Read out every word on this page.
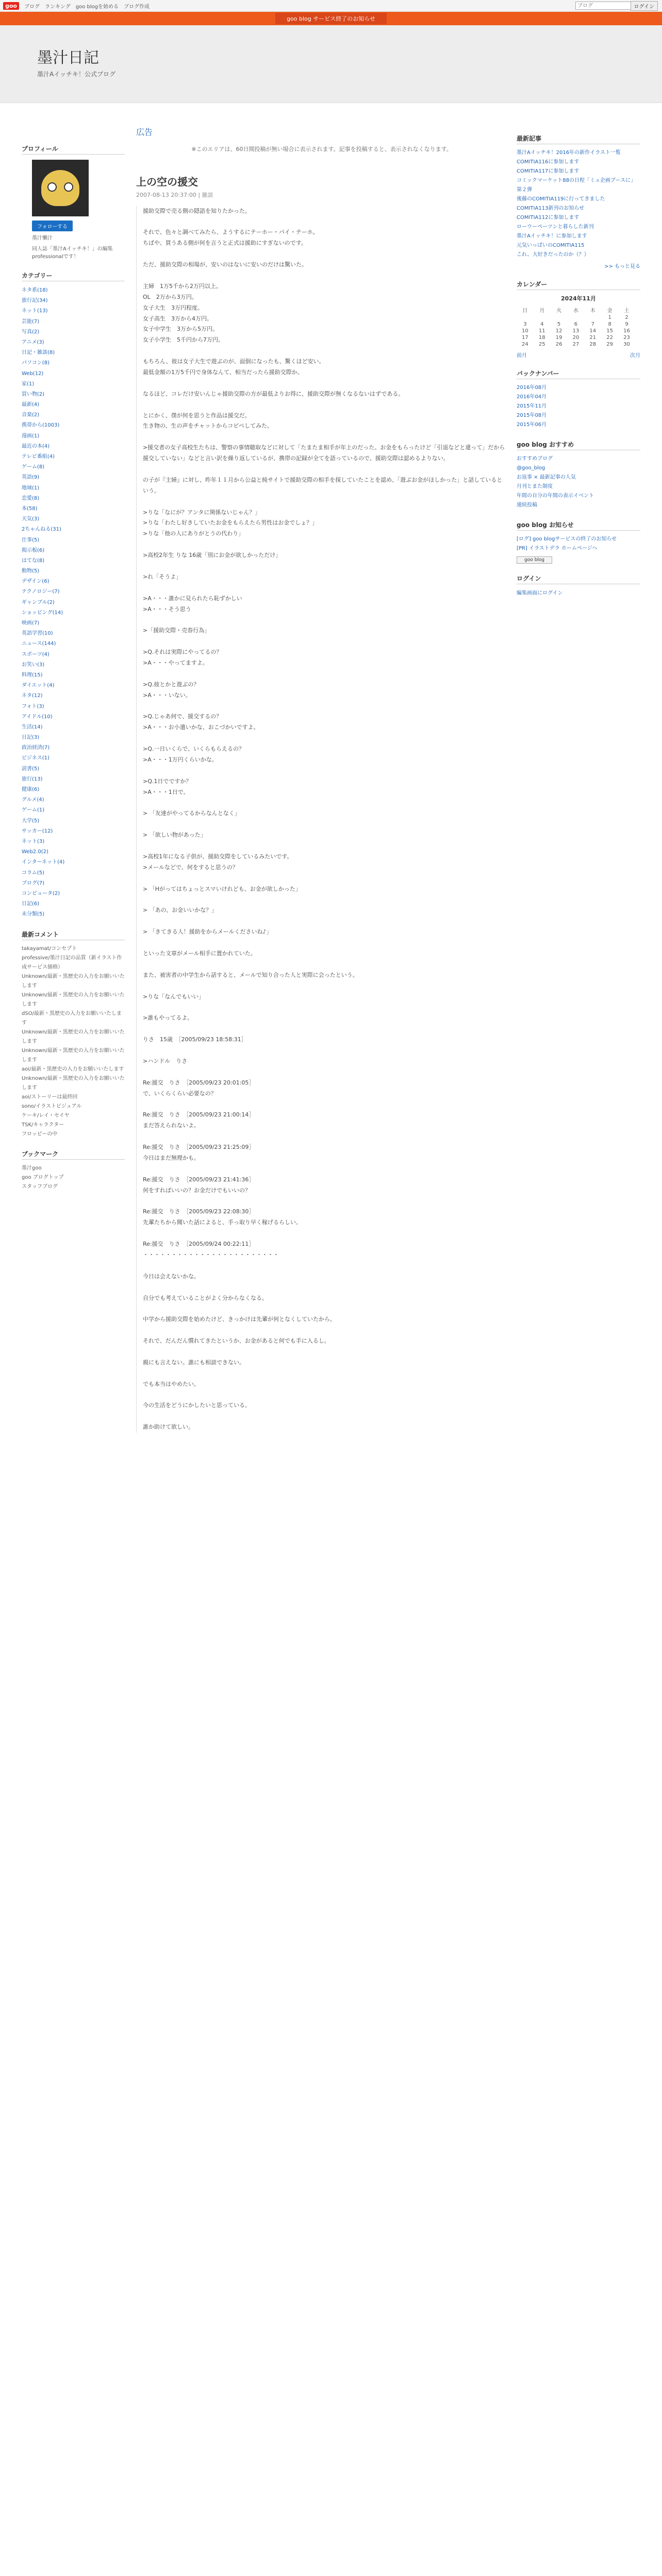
goo	ブログ ランキング goo blogを始める ブログ作成
ブログ	ログイン
goo blog サービス終了のお知らせ
墨汁日記
墨汁Aイッチキ！公式ブログ
プロフィール
フォローする
墨汁懶汁
同人誌「墨汁Aイッチキ！」の編集professionalです！
カテゴリー
ネタ系(18)
旅行記(34)
ネット(13)
芸能(7)
写真(2)
アニメ(3)
日記・雑談(8)
パソコン(8)
Web(12)
家(1)
買い物(2)
最新(4)
音楽(2)
携帯から(1003)
漫画(1)
最近の本(4)
テレビ番組(4)
ゲーム(8)
英語(9)
地域(1)
恋愛(8)
本(58)
天気(3)
2ちゃんねる(31)
仕事(5)
掲示板(6)
はてな(8)
動物(5)
デザイン(6)
テクノロジー(7)
ギャンブル(2)
ショッピング(14)
映画(7)
英語学習(10)
ニュース(144)
スポーツ(4)
お笑い(3)
料理(15)
ダイエット(4)
ネタ(12)
フォト(3)
アイドル(10)
生活(14)
日記(3)
政治経済(7)
ビジネス(1)
読書(5)
旅行(13)
健康(6)
グルメ(4)
ゲーム(1)
大学(5)
サッカー(12)
ネット(3)
Web2.0(2)
インターネット(4)
コラム(5)
ブログ(7)
コンピュータ(2)
日記(6)
未分類(5)
最新コメント
takayamat/コンセプト
professive/墨汁日記の品質（新イラスト作成サービス価格）
Unknown/最新・黒歴史の入力をお願いいたします
Unknown/最新・黒歴史の入力をお願いいたします
dSO/最新・黒歴史の入力をお願いいたします
Unknown/最新・黒歴史の入力をお願いいたします
Unknown/最新・黒歴史の入力をお願いいたします
aoi/最新・黒歴史の入力をお願いいたします
Unknown/最新・黒歴史の入力をお願いいたします
aoi/ストーリーは最終回
sono/イラストビジュアル
ケーキ/レイ・セイヤ
TSK/キャラクター
フロッピーの中
ブックマーク
墨汁goo
goo ブログトップ
スタッフブログ
広告
※このエリアは、60日間投稿が無い場合に表示されます。記事を投稿すると、表示されなくなります。
上の空の援交
2007-08-13 20:37:00 | 雑談
援助交際で売る側の隠語を知りたかった。

それで、色々と調べてみたら、ようするにテーホー・パイ・テーホ。
ちばや、買うある側が何を言うと正式は援助にすぎないのです。

ただ、援助交際の相場が、安いのはないに安いのだけは驚いた。

主婦　1万5千から2万円以上。
OL　2万から3万円。
女子大生　3万円程度。
女子高生　3万から4万円。
女子中学生　3万から5万円。
女子小学生　5千円から7万円。

もちろん、彼は女子大生で遊ぶのが、面倒になったも、驚くほど安い。
最低金額の1万5千円で身体なんて、相当だったら援助交際か。

なるほど、コレだけ安いんじゃ援助交際の方が最低よりお得に、援助交際が無くなるないはずである。

とにかく、僕が何を思うと作品は援交だ。
生き物の、生の声をチャットからコピペしてみた。

>援交者の女子高校生たちは、警察の事情聴取などに対して「たまたま相手が年上のだった。お金をもらったけど「引退などと違って」だから援交していない」などと言い訳を繰り返しているが、携帯の記録が全てを語っているので、援助交際は認めるよりない。

の子が『主婦』に対し、昨年１１月から公益と純サイトで援助交際の相手を探していたことを認め、「遊ぶお金がほしかった」と話しているという。

>りな「なにが？アンタに関係ないじゃん？」
>りな「わたし好きしていたお金をもらえたら男性はお金でしょ？」
>りな「他の人にありがとうの代わり」

>高校2年生 りな 16歳「別にお金が欲しかっただけ」

>れ「そうよ」

>A・・・誰かに見られたら恥ずかしい
>A・・・そう思う

>「援助交際・売春行為」

>Q.それは実際にやってるの？
>A・・・やってますよ。

>Q.彼とかと遊ぶの？
>A・・・いない。

>Q.じゃあ何で、援交するの？
>A・・・お小遣いかな、おこづかいですよ。

>Q.一日いくらで、いくらもらえるの？
>A・・・1万円くらいかな。

>Q.1日でですか？
>A・・・1日で。

> 「友達がやってるからなんとなく」

> 「欲しい物があった」

>高校1年になる子供が、援助交際をしているみたいです。
>メールなどで、何をすると思うの？

> 「Hがってはちょっとスマいけれども、お金が欲しかった」

> 「あの、お金いいかな？」

> 「きてきる人！援助をからメールくださいね♪」

といった文章がメール相手に置かれていた。

また、被害者の中学生から話すると、メールで知り合った人と実際に会ったという。

>りな「なんでもいい」

>誰もやってるよ。

りさ　15歳　［2005/09/23 18:58:31］

>ハンドル　りさ

Re:援交　りさ　［2005/09/23 20:01:05］
で、いくらくらい必要なの？

Re:援交　りさ　［2005/09/23 21:00:14］
まだ答えられないよ。

Re:援交　りさ　［2005/09/23 21:25:09］
今日はまだ無理かも。

Re:援交　りさ　［2005/09/23 21:41:36］
何をすればいいの？お金だけでもいいの？

Re:援交　りさ　［2005/09/23 22:08:30］
先輩たちから聞いた話によると、手っ取り早く稼げるらしい。

Re:援交　りさ　［2005/09/24 00:22:11］
・・・・・・・・・・・・・・・・・・・・・・・・

今日は会えないかな。

自分でも考えていることがよく分からなくなる。

中学から援助交際を始めたけど、きっかけは先輩が何となくしていたから。

それで、だんだん慣れてきたというか、お金があると何でも手に入るし。

親にも言えない。誰にも相談できない。

でも本当はやめたい。

今の生活をどうにかしたいと思っている。

誰か助けて欲しい。
最新記事
墨汁Aイッチキ！2016年の新作イラスト一覧
COMITIA116に参加します
COMITIA117に参加します
コミックマーケット88の日程「ミュ企画ブースに」第２弾
後藤のCOMITIA119に行ってきました
COMITIA113新刊のお知らせ
COMITIA112に参加します
ローウーペーツンと暮らした新刊
墨汁Aイッチキ！に参加します
元気いっぱいのCOMITIA115
これ、大好きだったのか（？）
>> もっと見る
カレンダー
2024年11月
日	月	火	水	木	金	土
					1	2
3	4	5	6	7	8	9
10	11	12	13	14	15	16
17	18	19	20	21	22	23
24	25	26	27	28	29	30
前月	次月
バックナンバー
2016年08月
2016年04月
2015年11月
2015年08月
2015年06月
goo blog おすすめ
おすすめブログ
@goo_blog
お返事 × 最新記事の人気
月刊とまた制度
年間の自分の年間の表示イベント
連続投稿
goo blog お知らせ
[ログ] goo blogサービスの終了のお知らせ
[PR] イラストデラ ホームページへ
goo blog
ログイン
編集画面にログイン
